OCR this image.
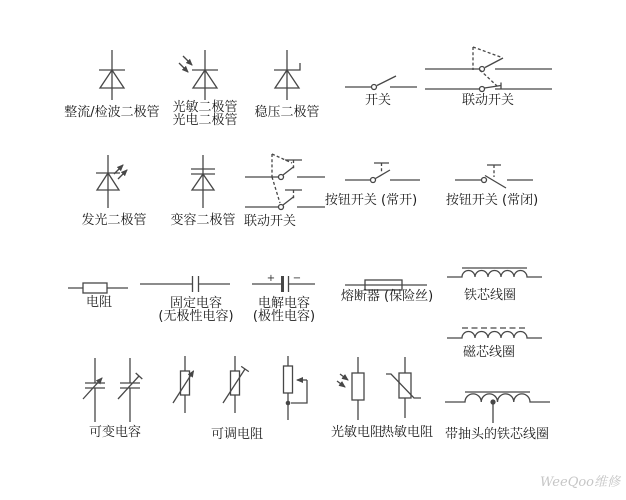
+ −
整流/检波二极管 光敏二极管
光电二极管
稳压二极管
开关	联动开关
发光二极管 变容二极管 联动开关
按钮开关 (常开) 按钮开关 (常闭)
电阻	固定电容
(无极性电容)
电解电容
(极性电容)
熔断器 (保险丝) 铁芯线圈
磁芯线圈
可变电容	可调电阻	光敏电阻
热敏电阻 带抽头的铁芯线圈
WeeQoo维修
